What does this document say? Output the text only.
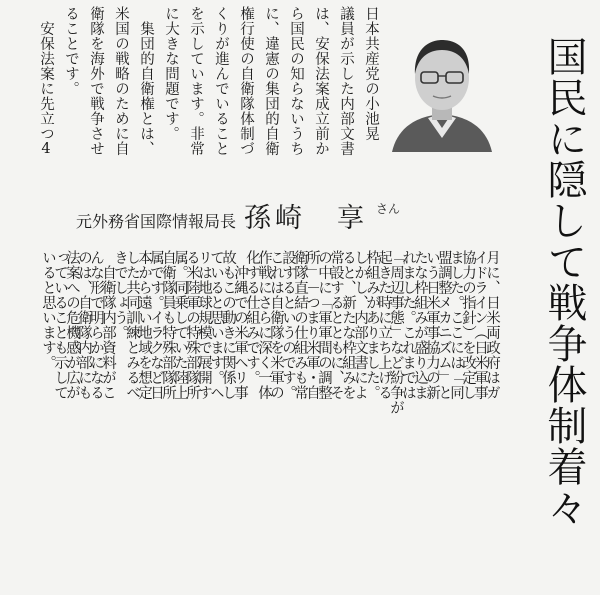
国民に隠して戦争体制着々
日本共産党の小池晃
議員が示した内部文書
は、安保法案成立前か
ら国民の知らないうち
に、違憲の集団的自衛
権行使の自衛隊体制づ
くりが進んでいること
を示しています。非常
に大きな問題です。
　集団的自衛権とは、
米国の戦略のために自
衛隊を海外で戦争させ
ることです。
　安保法案に先立つ4
元外務省国際情報局長 孫崎　享 さん
月に、日米両政府はガ
イドライン（日米軍事
協力の指針）を改定し
ました。ここには「同
盟調整メカニズム」と
いう日米軍事協力の新
たな枠組みが盛り込ま
れました。これまでは
「周辺事態」など紛争が
起きた時に立ち上げる
枠組みがありました。
しかし、内部文書によ
ると、新たな枠組みを
常設するとともに、そ
の中に「軍軍間の調整
所」－つまり米軍・自
衛隊直結の仕組みも常
設するというのです。
これは自衛隊を米軍の
作戦にさらに深く一体
化する仕組みです。
　沖縄での米軍ヘリ事
故もこの動きに関係し
ていると思います。ヘ
リは地球規模で展開す
る米陸軍の特殊部隊所
属。同乗していた陸上
自衛隊員も特殊部隊所
属です。イラクなど日
本から遠い地域を想定
した共同訓練とみるべ
きでしょう。
　自衛隊内部資料がこ
んな形で明らかになる
のは、自衛隊内部にも
法案への危機感が広が
っていることも示して
いると思います。
